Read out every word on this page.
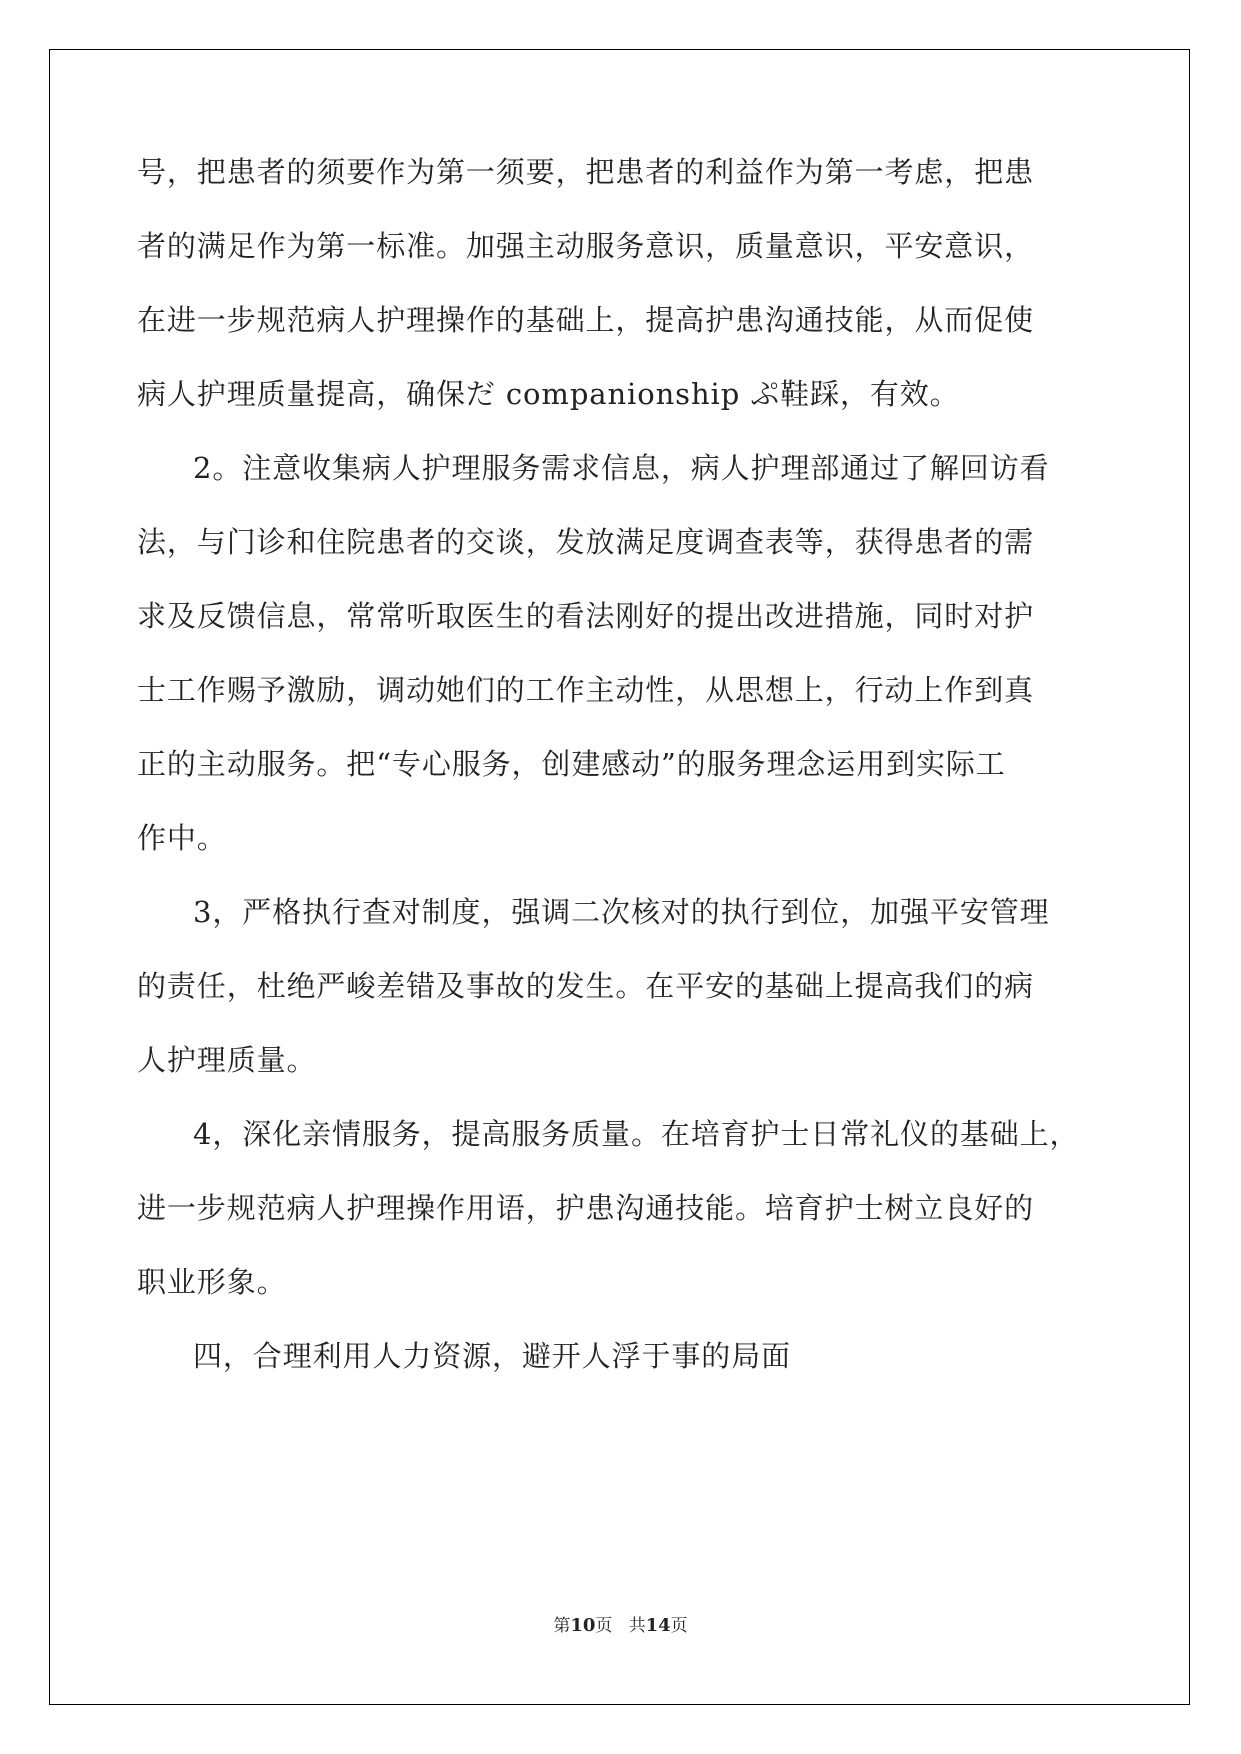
号，把患者的须要作为第一须要，把患者的利益作为第一考虑，把患
者的满足作为第一标准。加强主动服务意识，质量意识，平安意识，
在进一步规范病人护理操作的基础上，提高护患沟通技能，从而促使
病人护理质量提高，确保だ companionship ぷ鞋踩，有效。
2。注意收集病人护理服务需求信息，病人护理部通过了解回访看
法，与门诊和住院患者的交谈，发放满足度调查表等，获得患者的需
求及反馈信息，常常听取医生的看法刚好的提出改进措施，同时对护
士工作赐予激励，调动她们的工作主动性，从思想上，行动上作到真
正的主动服务。把“专心服务，创建感动”的服务理念运用到实际工
作中。
3，严格执行查对制度，强调二次核对的执行到位，加强平安管理
的责任，杜绝严峻差错及事故的发生。在平安的基础上提高我们的病
人护理质量。
4，深化亲情服务，提高服务质量。在培育护士日常礼仪的基础上，
进一步规范病人护理操作用语，护患沟通技能。培育护士树立良好的
职业形象。
四，合理利用人力资源，避开人浮于事的局面
第10页 共14页
